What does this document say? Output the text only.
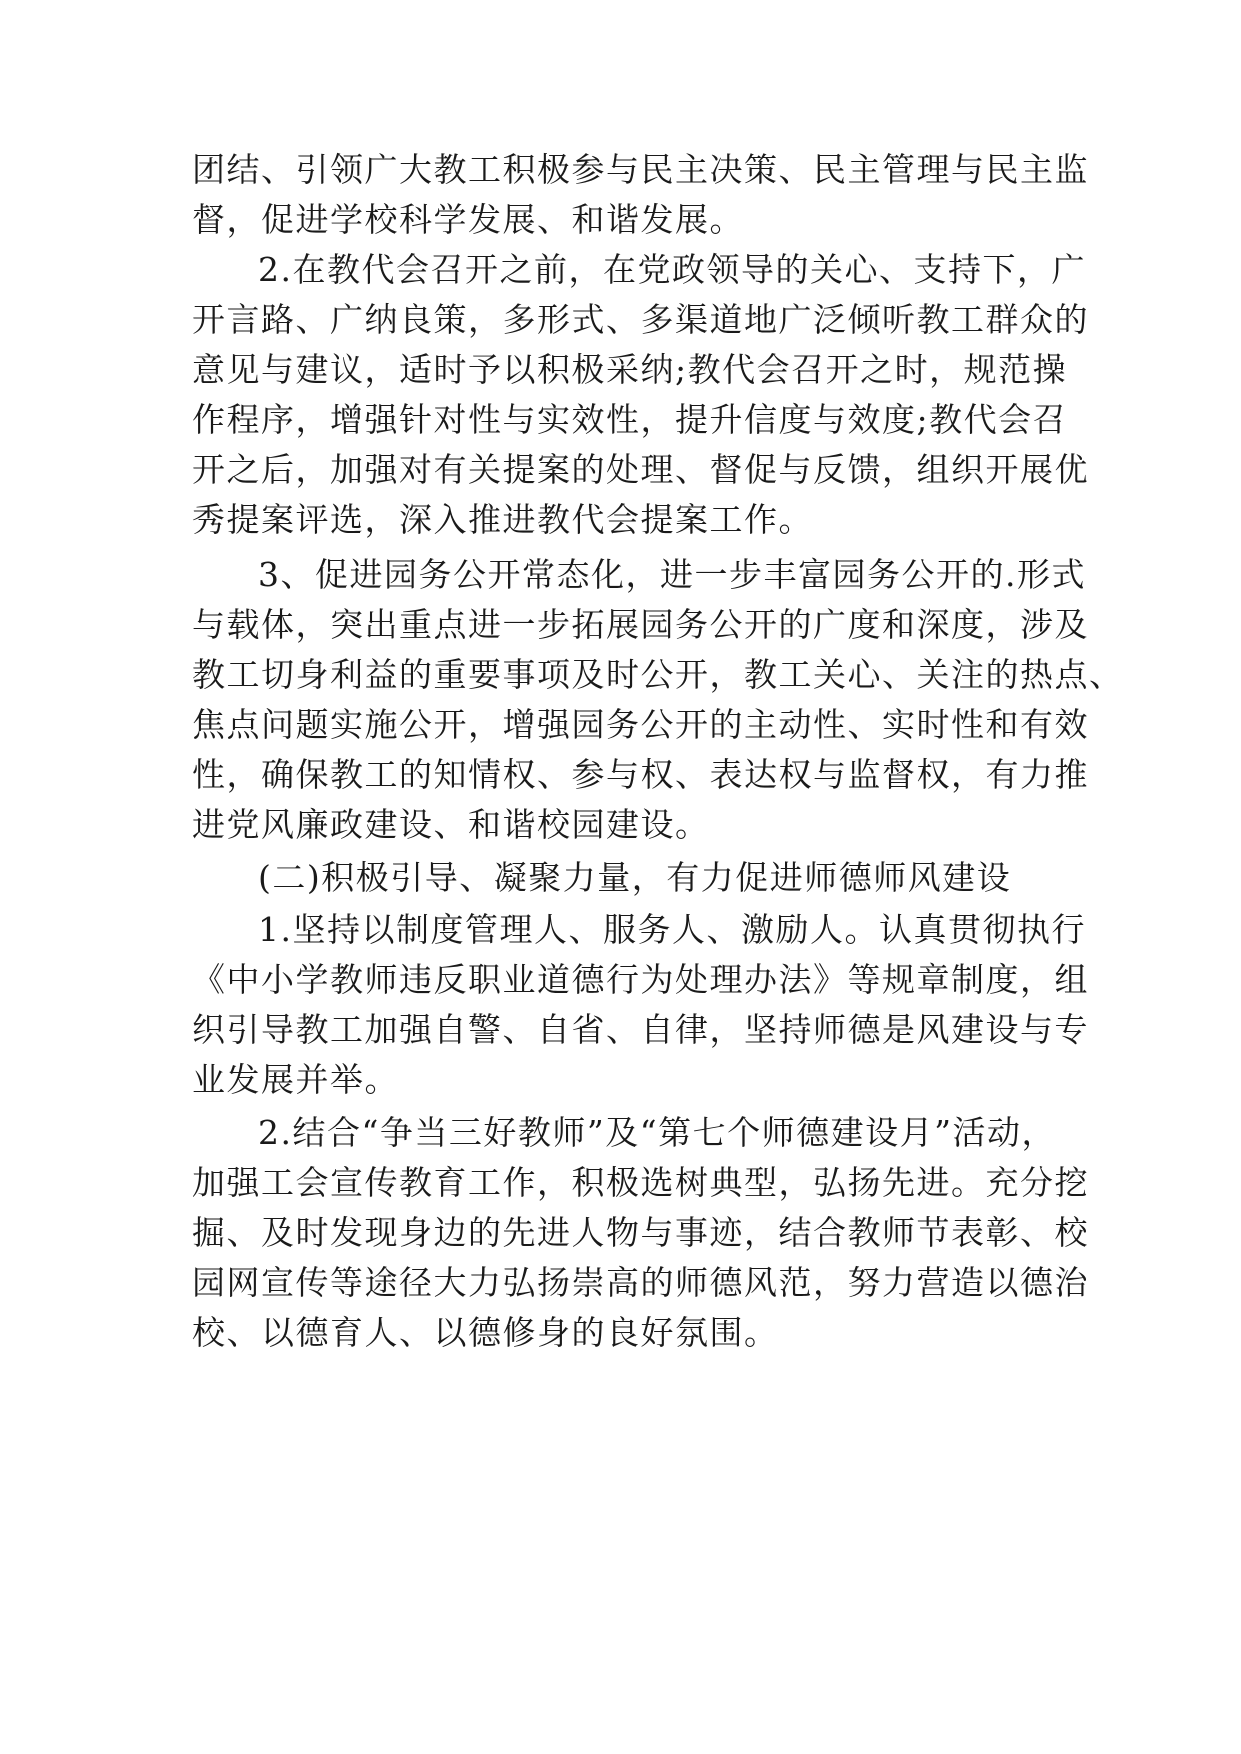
团结、引领广大教工积极参与民主决策、民主管理与民主监
督，促进学校科学发展、和谐发展。
2.在教代会召开之前，在党政领导的关心、支持下，广
开言路、广纳良策，多形式、多渠道地广泛倾听教工群众的
意见与建议，适时予以积极采纳;教代会召开之时，规范操
作程序，增强针对性与实效性，提升信度与效度;教代会召
开之后，加强对有关提案的处理、督促与反馈，组织开展优
秀提案评选，深入推进教代会提案工作。
3、促进园务公开常态化，进一步丰富园务公开的.形式
与载体，突出重点进一步拓展园务公开的广度和深度，涉及
教工切身利益的重要事项及时公开，教工关心、关注的热点、
焦点问题实施公开，增强园务公开的主动性、实时性和有效
性，确保教工的知情权、参与权、表达权与监督权，有力推
进党风廉政建设、和谐校园建设。
(二)积极引导、凝聚力量，有力促进师德师风建设
1.坚持以制度管理人、服务人、激励人。认真贯彻执行
《中小学教师违反职业道德行为处理办法》等规章制度，组
织引导教工加强自警、自省、自律，坚持师德是风建设与专
业发展并举。
2.结合“争当三好教师”及“第七个师德建设月”活动，
加强工会宣传教育工作，积极选树典型，弘扬先进。充分挖
掘、及时发现身边的先进人物与事迹，结合教师节表彰、校
园网宣传等途径大力弘扬崇高的师德风范，努力营造以德治
校、以德育人、以德修身的良好氛围。
